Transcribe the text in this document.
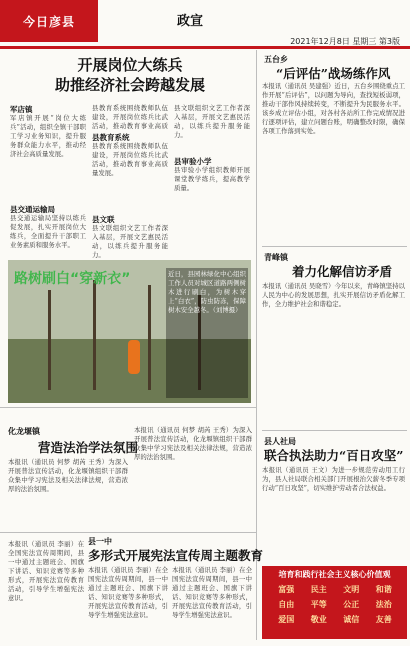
今日彦县	政宣
2021年12月8日 星期三 第3版
开展岗位大练兵
助推经济社会跨越发展
军店镇
军店镇开展“岗位大练兵”活动，组织全镇干部职工学习业务知识，提升服务群众能力水平，推动经济社会高质量发展。
县交通运输局
县交通运输局坚持以练兵促发展，扎实开展岗位大练兵，全面提升干部职工业务素质和服务水平。
县教育系统围绕教师队伍建设，开展岗位练兵比武活动，推动教育事业高质
县教育系统
县教育系统围绕教师队伍建设，开展岗位练兵比武活动，推动教育事业高质量发展。
县文联
县文联组织文艺工作者深入基层，开展文艺惠民活动，以练兵提升服务能力。
县文联组织文艺工作者深入基层，开展文艺惠民活动，以练兵提升服务能力。
县审验小学
县审验小学组织教师开展课堂教学练兵，提高教学质量。
路树刷白“穿新衣”	近日，县园林绿化中心组织工作人员对城区道路两侧树木进行刷白，为树木穿上“白衣”，防虫防冻，保障树木安全越冬。（刘博摄）
五台乡
“后评估”战场练作风
本报讯（通讯员 吴建强）近日，五台乡围绕重点工作开展“后评估”，以问题为导向，查找短板弱项，推动干部作风持续转变，不断提升为民服务水平。该乡成立评估小组，对各村各站所工作完成情况进行逐项评估，建立问题台账，明确整改时限，确保各项工作落到实处。
青峰镇
着力化解信访矛盾
本报讯（通讯员 吴晓雪）今年以来，青峰镇坚持以人民为中心的发展思想，扎实开展信访矛盾化解工作，全力维护社会和谐稳定。
县人社局
联合执法助力“百日攻坚”
本报讯（通讯员 王文）为进一步规范劳动用工行为，县人社局联合相关部门开展根治欠薪冬季专项行动“百日攻坚”，切实维护劳动者合法权益。
化龙堰镇
营造法治学法氛围
本报讯（通讯员 何梦 胡芮 王秀）为深入开展普法宣传活动，化龙堰镇组织干部群众集中学习宪法及相关法律法规，营造浓厚的法治氛围。
本报讯（通讯员 何梦 胡芮 王秀）为深入开展普法宣传活动，化龙堰镇组织干部群众集中学习宪法及相关法律法规，营造浓厚的法治氛围。
县一中
多形式开展宪法宣传周主题教育
本报讯（通讯员 李丽）在全国宪法宣传周期间，县一中通过主题班会、国旗下讲话、知识竞赛等多种形式，开展宪法宣传教育活动，引导学生增强宪法意识。
本报讯（通讯员 李丽）在全国宪法宣传周期间，县一中通过主题班会、国旗下讲话、知识竞赛等多种形式，开展宪法宣传教育活动，引导学生增强宪法意识。
本报讯（通讯员 李丽）在全国宪法宣传周期间，县一中通过主题班会、国旗下讲话、知识竞赛等多种形式，开展宪法宣传教育活动，引导学生增强宪法意识。
培育和践行社会主义核心价值观
富强	民主	文明	和谐
自由	平等	公正	法治
爱国	敬业	诚信	友善
